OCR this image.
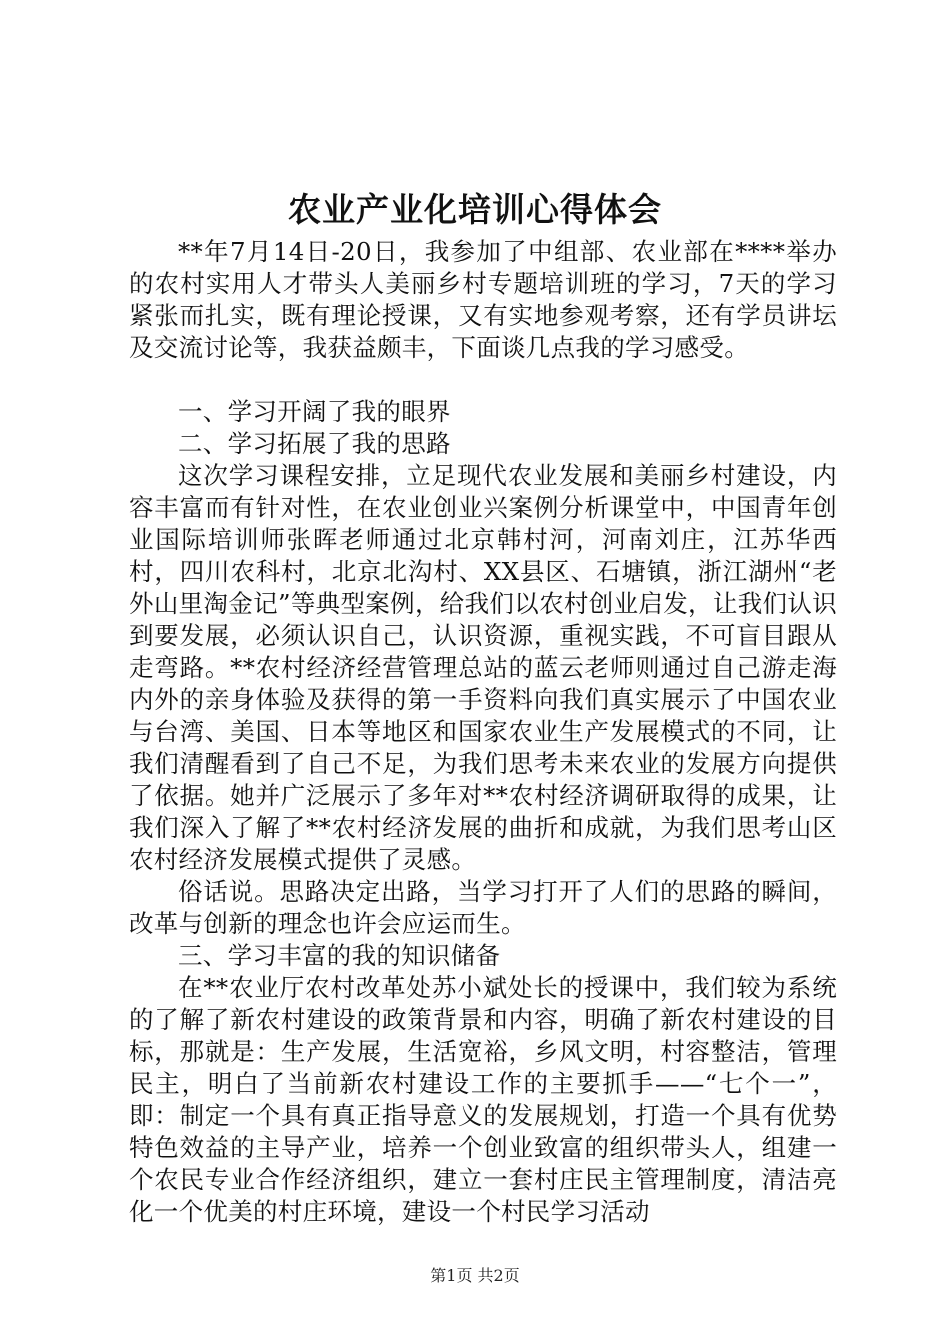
农业产业化培训心得体会

**年7月14日-20日，我参加了中组部、农业部在****举办的农村实用人才带头人美丽乡村专题培训班的学习，7天的学习紧张而扎实，既有理论授课，又有实地参观考察，还有学员讲坛及交流讨论等，我获益颇丰，下面谈几点我的学习感受。

一、学习开阔了我的眼界

二、学习拓展了我的思路

这次学习课程安排，立足现代农业发展和美丽乡村建设，内容丰富而有针对性，在农业创业兴案例分析课堂中，中国青年创业国际培训师张晖老师通过北京韩村河，河南刘庄，江苏华西村，四川农科村，北京北沟村、XX县区、石塘镇，浙江湖州“老外山里淘金记”等典型案例，给我们以农村创业启发，让我们认识到要发展，必须认识自己，认识资源，重视实践，不可盲目跟从走弯路。**农村经济经营管理总站的蓝云老师则通过自己游走海内外的亲身体验及获得的第一手资料向我们真实展示了中国农业与台湾、美国、日本等地区和国家农业生产发展模式的不同，让我们清醒看到了自己不足，为我们思考未来农业的发展方向提供了依据。她并广泛展示了多年对**农村经济调研取得的成果，让我们深入了解了**农村经济发展的曲折和成就，为我们思考山区农村经济发展模式提供了灵感。

俗话说。思路决定出路，当学习打开了人们的思路的瞬间，改革与创新的理念也许会应运而生。

三、学习丰富的我的知识储备

在**农业厅农村改革处苏小斌处长的授课中，我们较为系统的了解了新农村建设的政策背景和内容，明确了新农村建设的目标，那就是：生产发展，生活宽裕，乡风文明，村容整洁，管理民主，明白了当前新农村建设工作的主要抓手——“七个一”，即：制定一个具有真正指导意义的发展规划，打造一个具有优势特色效益的主导产业，培养一个创业致富的组织带头人，组建一个农民专业合作经济组织，建立一套村庄民主管理制度，清洁亮化一个优美的村庄环境，建设一个村民学习活动

第1页 共2页
